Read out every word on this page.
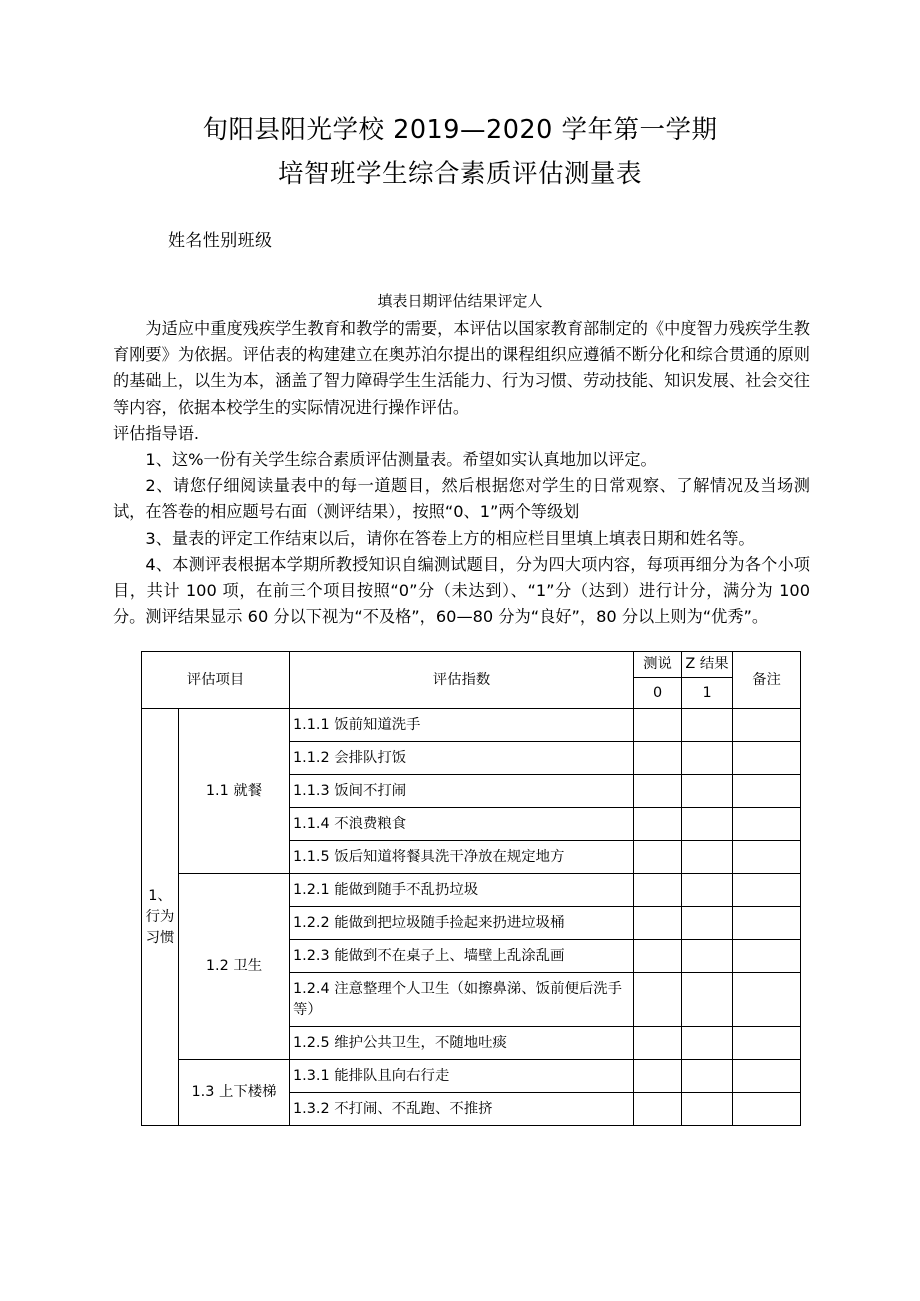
旬阳县阳光学校 2019—2020 学年第一学期
培智班学生综合素质评估测量表
姓名性别班级
填表日期评估结果评定人

为适应中重度残疾学生教育和教学的需要，本评估以国家教育部制定的《中度智力残疾学生教育刚要》为依据。评估表的构建建立在奥苏泊尔提出的课程组织应遵循不断分化和综合贯通的原则的基础上，以生为本，涵盖了智力障碍学生生活能力、行为习惯、劳动技能、知识发展、社会交往等内容，依据本校学生的实际情况进行操作评估。

评估指导语.

1、这%一份有关学生综合素质评估测量表。希望如实认真地加以评定。

2、请您仔细阅读量表中的每一道题目，然后根据您对学生的日常观察、了解情况及当场测试，在答卷的相应题号右面（测评结果），按照“0、1”两个等级划

3、量表的评定工作结束以后，请你在答卷上方的相应栏目里填上填表日期和姓名等。

4、本测评表根据本学期所教授知识自编测试题目，分为四大项内容，每项再细分为各个小项目，共计 100 项，在前三个项目按照“0”分（未达到）、“1”分（达到）进行计分，满分为 100 分。测评结果显示 60 分以下视为“不及格”，60—80 分为“良好”，80 分以上则为“优秀”。

评估项目		评估指数	测说	Z 结果	备注
			0	1	
1、行为习惯	1.1 就餐	1.1.1 饭前知道洗手			
		1.1.2 会排队打饭			
		1.1.3 饭间不打闹			
		1.1.4 不浪费粮食			
		1.1.5 饭后知道将餐具洗干净放在规定地方			
	1.2 卫生	1.2.1 能做到随手不乱扔垃圾			
		1.2.2 能做到把垃圾随手捡起来扔进垃圾桶			
		1.2.3 能做到不在桌子上、墙壁上乱涂乱画			
		1.2.4 注意整理个人卫生（如擦鼻涕、饭前便后洗手等）			
		1.2.5 维护公共卫生，不随地吐痰			
	1.3 上下楼梯	1.3.1 能排队且向右行走			
		1.3.2 不打闹、不乱跑、不推挤			
